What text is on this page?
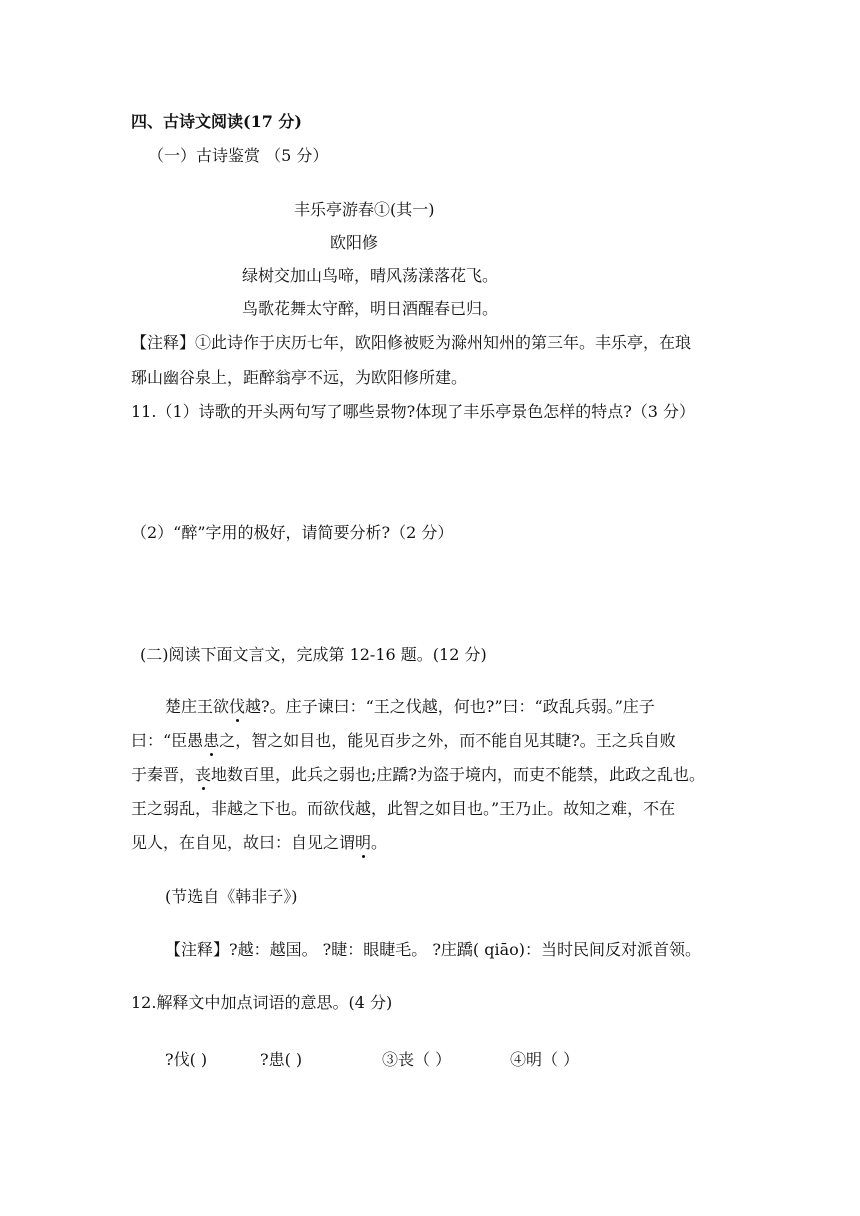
四、古诗文阅读(17 分)
（一）古诗鉴赏 （5 分）
丰乐亭游春①(其一)
欧阳修
绿树交加山鸟啼，晴风荡漾落花飞。
鸟歌花舞太守醉，明日酒醒春已归。
【注释】①此诗作于庆历七年，欧阳修被贬为滁州知州的第三年。丰乐亭，在琅
琊山幽谷泉上，距醉翁亭不远，为欧阳修所建。
11.（1）诗歌的开头两句写了哪些景物?体现了丰乐亭景色怎样的特点?（3 分）
（2）“醉”字用的极好，请简要分析?（2 分）
(二)阅读下面文言文，完成第 12-16 题。(12 分)
楚庄王欲伐越?。庄子谏曰：“王之伐越，何也?”曰：“政乱兵弱。”庄子
曰：“臣愚患之，智之如目也，能见百步之外，而不能自见其睫?。王之兵自败
于秦晋，丧地数百里，此兵之弱也;庄蹻?为盗于境内，而吏不能禁，此政之乱也。
王之弱乱，非越之下也。而欲伐越，此智之如目也。”王乃止。故知之难，不在
见人，在自见，故曰：自见之谓明。
(节选自《韩非子》)
【注释】?越：越国。 ?睫：眼睫毛。 ?庄蹻( qiāo)：当时民间反对派首领。
12.解释文中加点词语的意思。(4 分)
?伐( )	?患( )	③丧（ ）	④明（ ）
